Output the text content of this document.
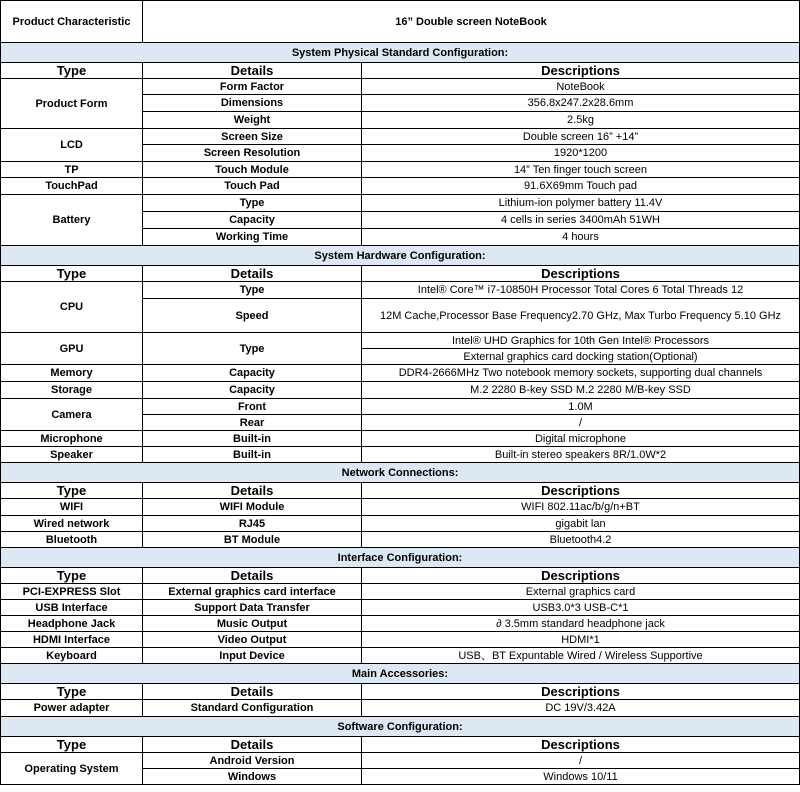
Product Characteristic	16” Double screen NoteBook	
System Physical Standard Configuration:		
Type	Details	Descriptions
Product Form	Form Factor	NoteBook
	Dimensions	356.8x247.2x28.6mm
	Weight	2.5kg
LCD	Screen Size	Double screen 16” +14”
	Screen Resolution	1920*1200
TP	Touch Module	14” Ten finger touch screen
TouchPad	Touch Pad	91.6X69mm Touch pad
Battery	Type	Lithium-ion polymer battery 11.4V
	Capacity	4 cells in series 3400mAh 51WH
	Working Time	4 hours
System Hardware Configuration:		
Type	Details	Descriptions
CPU	Type	Intel® Core™ i7-10850H Processor Total Cores 6 Total Threads 12
	Speed	12M Cache,Processor Base Frequency2.70 GHz, Max Turbo Frequency 5.10 GHz
GPU	Type	Intel® UHD Graphics for 10th Gen Intel® Processors
		External graphics card docking station(Optional)
Memory	Capacity	DDR4-2666MHz Two notebook memory sockets, supporting dual channels
Storage	Capacity	M.2 2280 B-key SSD M.2 2280 M/B-key SSD
Camera	Front	1.0M
	Rear	/
Microphone	Built-in	Digital microphone
Speaker	Built-in	Built-in stereo speakers 8R/1.0W*2
Network Connections:		
Type	Details	Descriptions
WIFI	WIFI Module	WIFI 802.11ac/b/g/n+BT
Wired network	RJ45	gigabit lan
Bluetooth	BT Module	Bluetooth4.2
Interface Configuration:		
Type	Details	Descriptions
PCI-EXPRESS Slot	External graphics card interface	External graphics card
USB Interface	Support Data Transfer	USB3.0*3 USB-C*1
Headphone Jack	Music Output	∂ 3.5mm standard headphone jack
HDMI Interface	Video Output	HDMI*1
Keyboard	Input Device	USB、BT Expuntable Wired / Wireless Supportive
Main Accessories:		
Type	Details	Descriptions
Power adapter	Standard Configuration	DC 19V/3.42A
Software Configuration:		
Type	Details	Descriptions
Operating System	Android Version	/
	Windows	Windows 10/11
